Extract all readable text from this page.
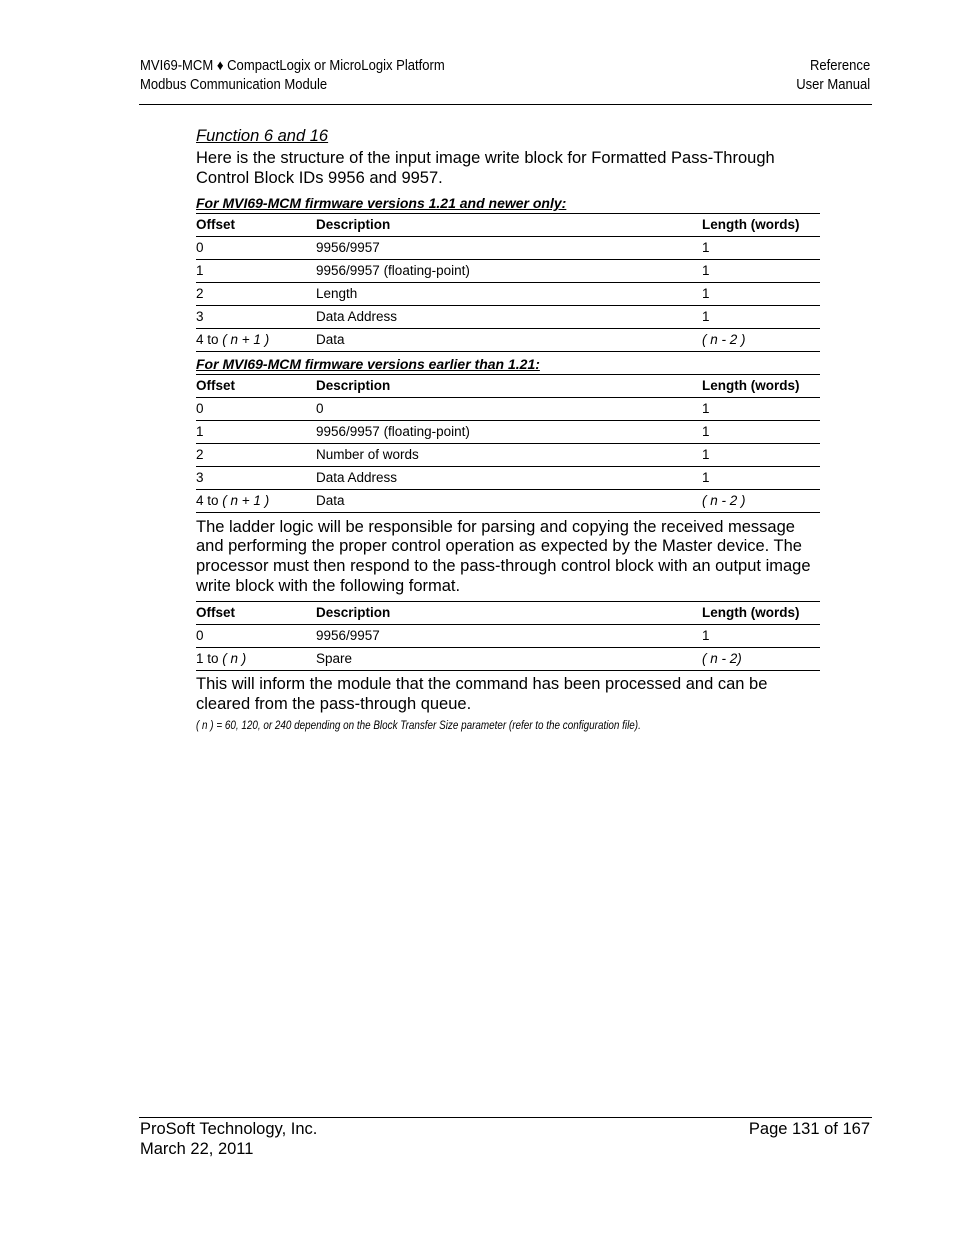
MVI69-MCM ♦ CompactLogix or MicroLogix Platform
Modbus Communication Module
Reference
User Manual

Function 6 and 16

Here is the structure of the input image write block for Formatted Pass-Through Control Block IDs 9956 and 9957.

For MVI69-MCM firmware versions 1.21 and newer only:

Offset	Description	Length (words)
0	9956/9957	1
1	9956/9957 (floating-point)	1
2	Length	1
3	Data Address	1
4 to ( n + 1 )	Data	( n - 2 )

For MVI69-MCM firmware versions earlier than 1.21:

Offset	Description	Length (words)
0	0	1
1	9956/9957 (floating-point)	1
2	Number of words	1
3	Data Address	1
4 to ( n + 1 )	Data	( n - 2 )

The ladder logic will be responsible for parsing and copying the received message and performing the proper control operation as expected by the Master device. The processor must then respond to the pass-through control block with an output image write block with the following format.

Offset	Description	Length (words)
0	9956/9957	1
1 to ( n )	Spare	( n - 2)

This will inform the module that the command has been processed and can be cleared from the pass-through queue.

( n ) = 60, 120, or 240 depending on the Block Transfer Size parameter (refer to the configuration file).

ProSoft Technology, Inc.
March 22, 2011
Page 131 of 167
